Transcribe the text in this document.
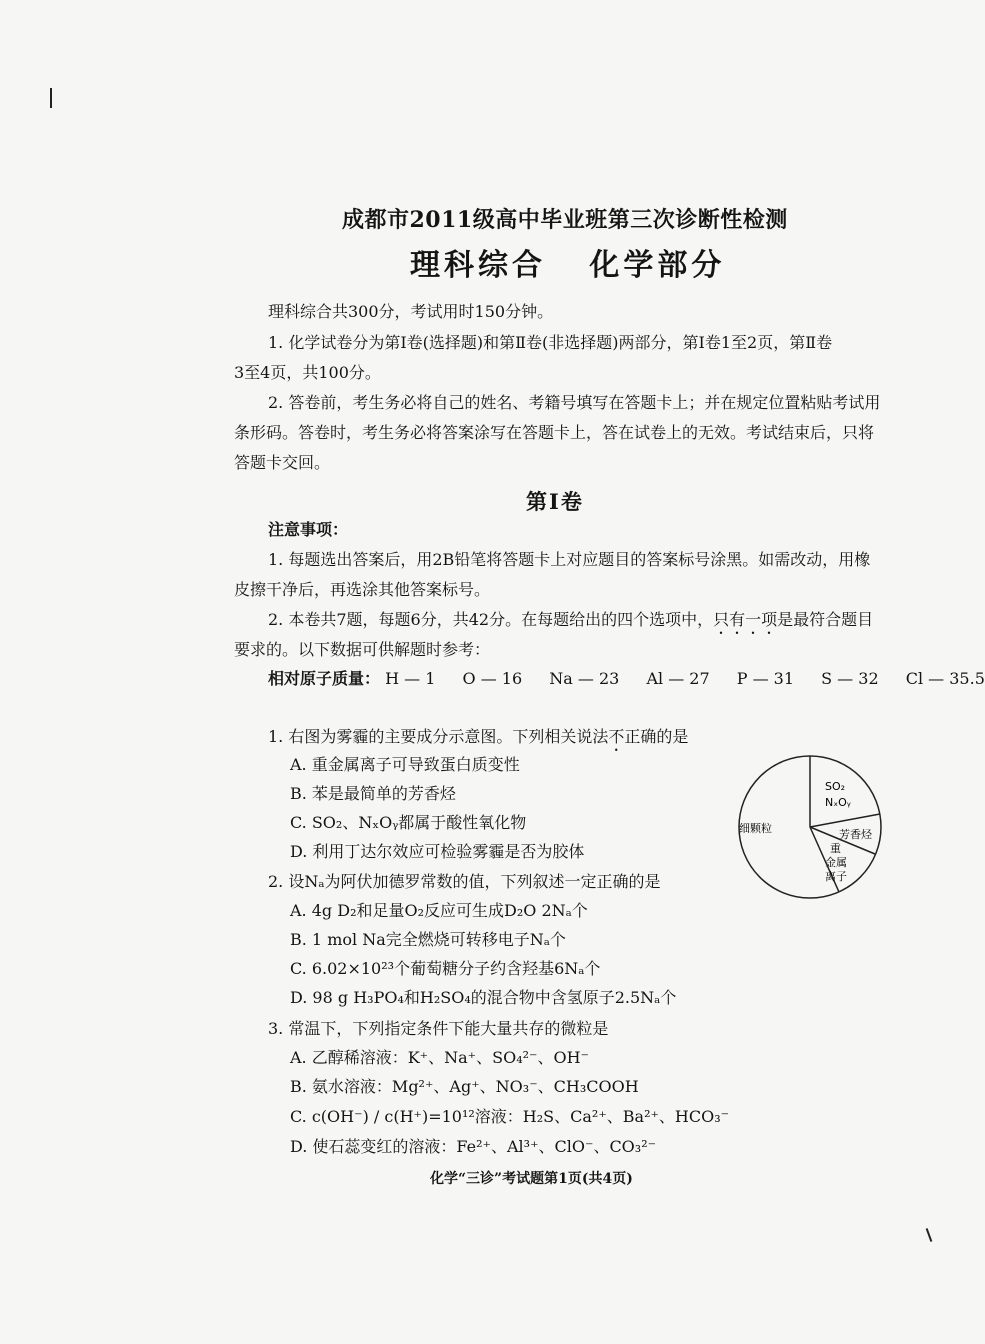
成都市2011级高中毕业班第三次诊断性检测
理科综合   化学部分
理科综合共300分，考试用时150分钟。
1. 化学试卷分为第Ⅰ卷(选择题)和第Ⅱ卷(非选择题)两部分，第Ⅰ卷1至2页，第Ⅱ卷
3至4页，共100分。
2. 答卷前，考生务必将自己的姓名、考籍号填写在答题卡上；并在规定位置粘贴考试用
条形码。答卷时，考生务必将答案涂写在答题卡上，答在试卷上的无效。考试结束后，只将
答题卡交回。
第Ⅰ卷
注意事项：
1. 每题选出答案后，用2B铅笔将答题卡上对应题目的答案标号涂黑。如需改动，用橡
皮擦干净后，再选涂其他答案标号。
2. 本卷共7题，每题6分，共42分。在每题给出的四个选项中，只有一项是最符合题目
要求的。以下数据可供解题时参考：
相对原子质量： H — 1 O — 16 Na — 23 Al — 27 P — 31 S — 32 Cl — 35.5
1. 右图为雾霾的主要成分示意图。下列相关说法不正确的是
A. 重金属离子可导致蛋白质变性
B. 苯是最简单的芳香烃
C. SO₂、NₓOᵧ都属于酸性氧化物
D. 利用丁达尔效应可检验雾霾是否为胶体
SO₂
NₓOᵧ
细颗粒	芳香烃
重
金属
离子
2. 设Nₐ为阿伏加德罗常数的值，下列叙述一定正确的是
A. 4g D₂和足量O₂反应可生成D₂O 2Nₐ个
B. 1 mol Na完全燃烧可转移电子Nₐ个
C. 6.02×10²³个葡萄糖分子约含羟基6Nₐ个
D. 98 g H₃PO₄和H₂SO₄的混合物中含氢原子2.5Nₐ个
3. 常温下，下列指定条件下能大量共存的微粒是
A. 乙醇稀溶液：K⁺、Na⁺、SO₄²⁻、OH⁻
B. 氨水溶液：Mg²⁺、Ag⁺、NO₃⁻、CH₃COOH
C. c(OH⁻) / c(H⁺)=10¹²溶液：H₂S、Ca²⁺、Ba²⁺、HCO₃⁻
D. 使石蕊变红的溶液：Fe²⁺、Al³⁺、ClO⁻、CO₃²⁻
化学“三诊”考试题第1页(共4页)
